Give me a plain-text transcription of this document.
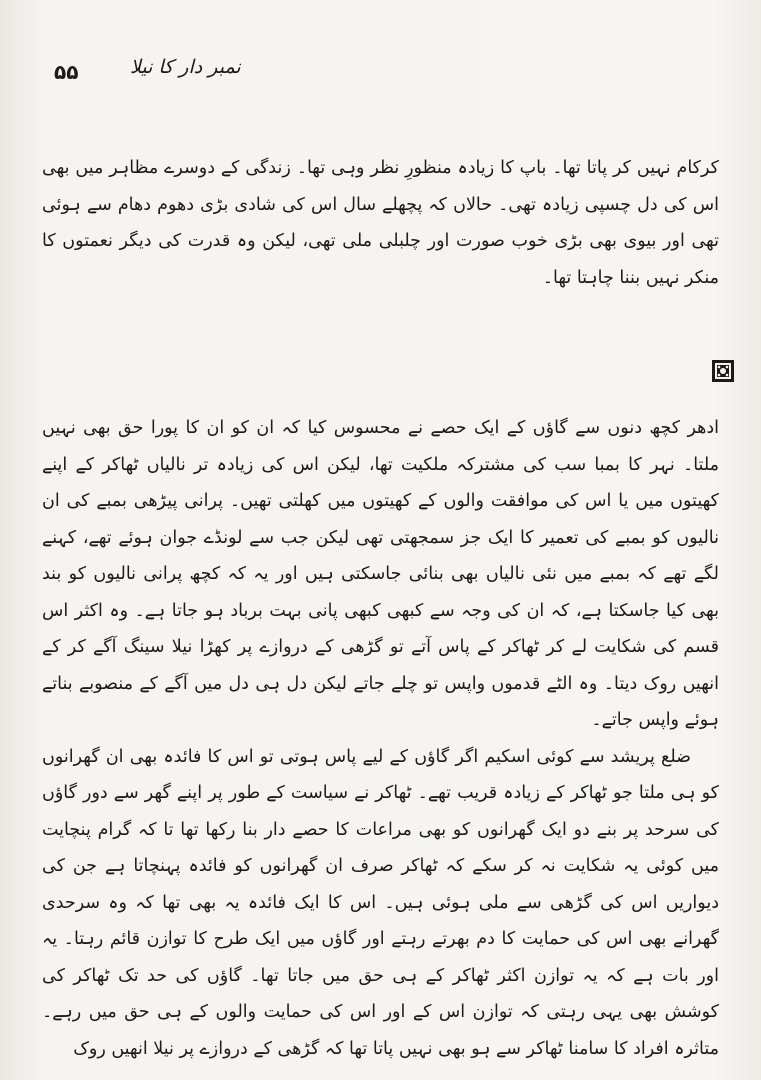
۵۵	نمبر دار کا نیلا

کرکام نہیں کر پاتا تھا۔ باپ کا زیادہ منظورِ نظر وہی تھا۔ زندگی کے دوسرے مظاہر میں بھی اس کی دل چسپی زیادہ تھی۔ حالاں کہ پچھلے سال اس کی شادی بڑی دھوم دھام سے ہوئی تھی اور بیوی بھی بڑی خوب صورت اور چلبلی ملی تھی، لیکن وہ قدرت کی دیگر نعمتوں کا منکر نہیں بننا چاہتا تھا۔

ادھر کچھ دنوں سے گاؤں کے ایک حصے نے محسوس کیا کہ ان کو ان کا پورا حق بھی نہیں ملتا۔ نہر کا بمبا سب کی مشترکہ ملکیت تھا، لیکن اس کی زیادہ تر نالیاں ٹھاکر کے اپنے کھیتوں میں یا اس کی موافقت والوں کے کھیتوں میں کھلتی تھیں۔ پرانی پیڑھی بمبے کی ان نالیوں کو بمبے کی تعمیر کا ایک جز سمجھتی تھی لیکن جب سے لونڈے جوان ہوئے تھے، کہنے لگے تھے کہ بمبے میں نئی نالیاں بھی بنائی جاسکتی ہیں اور یہ کہ کچھ پرانی نالیوں کو بند بھی کیا جاسکتا ہے، کہ ان کی وجہ سے کبھی کبھی پانی بہت برباد ہو جاتا ہے۔ وہ اکثر اس قسم کی شکایت لے کر ٹھاکر کے پاس آتے تو گڑھی کے دروازے پر کھڑا نیلا سینگ آگے کر کے انھیں روک دیتا۔ وہ الٹے قدموں واپس تو چلے جاتے لیکن دل ہی دل میں آگے کے منصوبے بناتے ہوئے واپس جاتے۔

ضلع پریشد سے کوئی اسکیم اگر گاؤں کے لیے پاس ہوتی تو اس کا فائدہ بھی ان گھرانوں کو ہی ملتا جو ٹھاکر کے زیادہ قریب تھے۔ ٹھاکر نے سیاست کے طور پر اپنے گھر سے دور گاؤں کی سرحد پر بنے دو ایک گھرانوں کو بھی مراعات کا حصے دار بنا رکھا تھا تا کہ گرام پنچایت میں کوئی یہ شکایت نہ کر سکے کہ ٹھاکر صرف ان گھرانوں کو فائدہ پہنچاتا ہے جن کی دیواریں اس کی گڑھی سے ملی ہوئی ہیں۔ اس کا ایک فائدہ یہ بھی تھا کہ وہ سرحدی گھرانے بھی اس کی حمایت کا دم بھرتے رہتے اور گاؤں میں ایک طرح کا توازن قائم رہتا۔ یہ اور بات ہے کہ یہ توازن اکثر ٹھاکر کے ہی حق میں جاتا تھا۔ گاؤں کی حد تک ٹھاکر کی کوشش بھی یہی رہتی کہ توازن اس کے اور اس کی حمایت والوں کے ہی حق میں رہے۔ متاثرہ افراد کا سامنا ٹھاکر سے ہو بھی نہیں پاتا تھا کہ گڑھی کے دروازے پر نیلا انھیں روک
